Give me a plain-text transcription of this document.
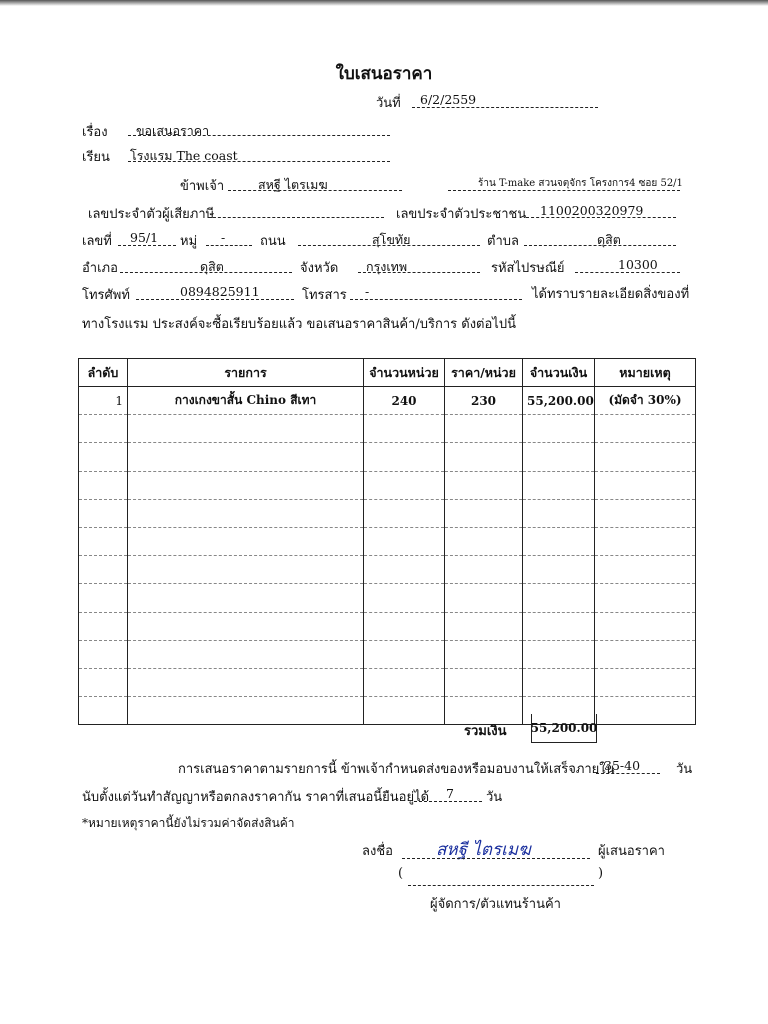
ใบเสนอราคา
วันที่ 6/2/2559
เรื่อง ขอเสนอราคา
เรียน โรงแรม The coast
ข้าพเจ้า	สหฐี ไตรเมฆ	ร้าน T-make สวนจตุจักร โครงการ4 ซอย 52/1
เลขประจำตัวผู้เสียภาษี	เลขประจำตัวประชาชน 1100200320979
เลขที่ 95/1 หมู่ -	ถนน	สุโขทัย	ตำบล	ดุสิต
อำเภอ	ดุสิต	จังหวัด กรุงเทพ	รหัสไปรษณีย์	10300
โทรศัพท์	0894825911	โทรสาร -	ได้ทราบรายละเอียดสิ่งของที่
ทางโรงแรม ประสงค์จะซื้อเรียบร้อยแล้ว ขอเสนอราคาสินค้า/บริการ ดังต่อไปนี้
ลำดับ	รายการ	จำนวนหน่วย	ราคา/หน่วย	จำนวนเงิน	หมายเหตุ
1	กางเกงขาสั้น Chino สีเทา	240	230	55,200.00	(มัดจำ 30%)

รวมเงิน 55,200.00
การเสนอราคาตามรายการนี้ ข้าพเจ้ากำหนดส่งของหรือมอบงานให้เสร็จภายใน
35-40	วัน
นับตั้งแต่วันทำสัญญาหรือตกลงราคากัน ราคาที่เสนอนี้ยืนอยู่ได้ 7 วัน
*หมายเหตุราคานี้ยังไม่รวมค่าจัดส่งสินค้า
ลงชื่อ	สหฐี ไตรเมฆ	ผู้เสนอราคา
(	)
ผู้จัดการ/ตัวแทนร้านค้า
